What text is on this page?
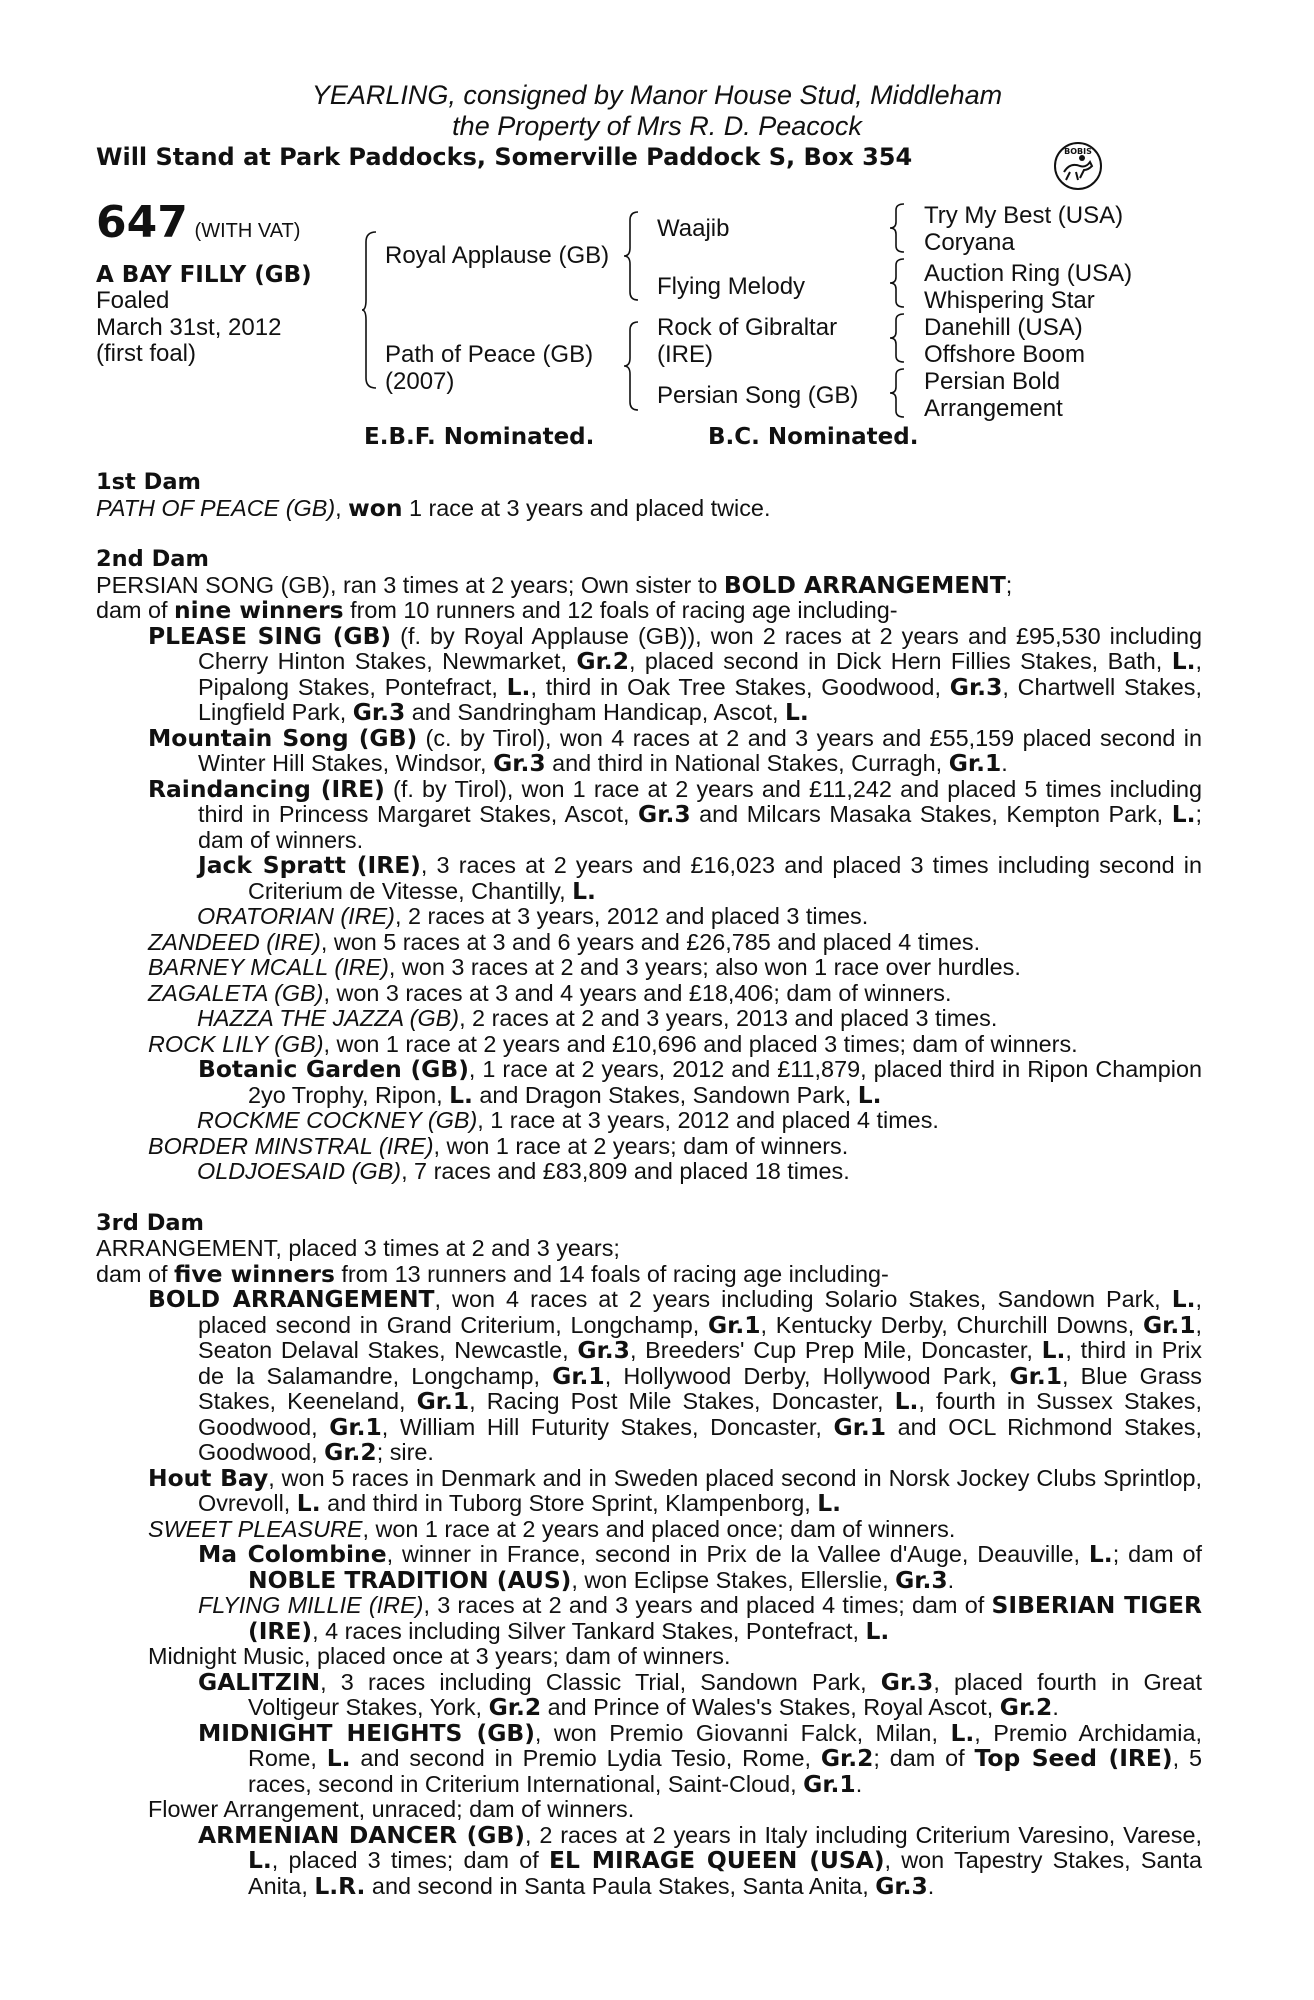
YEARLING, consigned by Manor House Stud, Middleham
the Property of Mrs R. D. Peacock
Will Stand at Park Paddocks, Somerville Paddock S, Box 354	BOBIS
647 (WITH VAT)
A BAY FILLY (GB)
Foaled
March 31st, 2012
(first foal)
Royal Applause (GB)
Path of Peace (GB)
(2007)
Waajib
Flying Melody
Rock of Gibraltar
(IRE)
Persian Song (GB)
Try My Best (USA)
Coryana
Auction Ring (USA)
Whispering Star
Danehill (USA)
Offshore Boom
Persian Bold
Arrangement
E.B.F. Nominated.	B.C. Nominated.
1st Dam
PATH OF PEACE (GB), won 1 race at 3 years and placed twice.
2nd Dam
PERSIAN SONG (GB), ran 3 times at 2 years; Own sister to BOLD ARRANGEMENT;
dam of nine winners from 10 runners and 12 foals of racing age including-
PLEASE SING (GB) (f. by Royal Applause (GB)), won 2 races at 2 years and £95,530 including Cherry Hinton Stakes, Newmarket, Gr.2, placed second in Dick Hern Fillies Stakes, Bath, L., Pipalong Stakes, Pontefract, L., third in Oak Tree Stakes, Goodwood, Gr.3, Chartwell Stakes, Lingfield Park, Gr.3 and Sandringham Handicap, Ascot, L.
Mountain Song (GB) (c. by Tirol), won 4 races at 2 and 3 years and £55,159 placed second in Winter Hill Stakes, Windsor, Gr.3 and third in National Stakes, Curragh, Gr.1.
Raindancing (IRE) (f. by Tirol), won 1 race at 2 years and £11,242 and placed 5 times including third in Princess Margaret Stakes, Ascot, Gr.3 and Milcars Masaka Stakes, Kempton Park, L.; dam of winners.
Jack Spratt (IRE), 3 races at 2 years and £16,023 and placed 3 times including second in Criterium de Vitesse, Chantilly, L.
ORATORIAN (IRE), 2 races at 3 years, 2012 and placed 3 times.
ZANDEED (IRE), won 5 races at 3 and 6 years and £26,785 and placed 4 times.
BARNEY MCALL (IRE), won 3 races at 2 and 3 years; also won 1 race over hurdles.
ZAGALETA (GB), won 3 races at 3 and 4 years and £18,406; dam of winners.
HAZZA THE JAZZA (GB), 2 races at 2 and 3 years, 2013 and placed 3 times.
ROCK LILY (GB), won 1 race at 2 years and £10,696 and placed 3 times; dam of winners.
Botanic Garden (GB), 1 race at 2 years, 2012 and £11,879, placed third in Ripon Champion 2yo Trophy, Ripon, L. and Dragon Stakes, Sandown Park, L.
ROCKME COCKNEY (GB), 1 race at 3 years, 2012 and placed 4 times.
BORDER MINSTRAL (IRE), won 1 race at 2 years; dam of winners.
OLDJOESAID (GB), 7 races and £83,809 and placed 18 times.
3rd Dam
ARRANGEMENT, placed 3 times at 2 and 3 years;
dam of five winners from 13 runners and 14 foals of racing age including-
BOLD ARRANGEMENT, won 4 races at 2 years including Solario Stakes, Sandown Park, L., placed second in Grand Criterium, Longchamp, Gr.1, Kentucky Derby, Churchill Downs, Gr.1, Seaton Delaval Stakes, Newcastle, Gr.3, Breeders' Cup Prep Mile, Doncaster, L., third in Prix de la Salamandre, Longchamp, Gr.1, Hollywood Derby, Hollywood Park, Gr.1, Blue Grass Stakes, Keeneland, Gr.1, Racing Post Mile Stakes, Doncaster, L., fourth in Sussex Stakes, Goodwood, Gr.1, William Hill Futurity Stakes, Doncaster, Gr.1 and OCL Richmond Stakes, Goodwood, Gr.2; sire.
Hout Bay, won 5 races in Denmark and in Sweden placed second in Norsk Jockey Clubs Sprintlop, Ovrevoll, L. and third in Tuborg Store Sprint, Klampenborg, L.
SWEET PLEASURE, won 1 race at 2 years and placed once; dam of winners.
Ma Colombine, winner in France, second in Prix de la Vallee d'Auge, Deauville, L.; dam of NOBLE TRADITION (AUS), won Eclipse Stakes, Ellerslie, Gr.3.
FLYING MILLIE (IRE), 3 races at 2 and 3 years and placed 4 times; dam of SIBERIAN TIGER (IRE), 4 races including Silver Tankard Stakes, Pontefract, L.
Midnight Music, placed once at 3 years; dam of winners.
GALITZIN, 3 races including Classic Trial, Sandown Park, Gr.3, placed fourth in Great Voltigeur Stakes, York, Gr.2 and Prince of Wales's Stakes, Royal Ascot, Gr.2.
MIDNIGHT HEIGHTS (GB), won Premio Giovanni Falck, Milan, L., Premio Archidamia, Rome, L. and second in Premio Lydia Tesio, Rome, Gr.2; dam of Top Seed (IRE), 5 races, second in Criterium International, Saint-Cloud, Gr.1.
Flower Arrangement, unraced; dam of winners.
ARMENIAN DANCER (GB), 2 races at 2 years in Italy including Criterium Varesino, Varese, L., placed 3 times; dam of EL MIRAGE QUEEN (USA), won Tapestry Stakes, Santa Anita, L.R. and second in Santa Paula Stakes, Santa Anita, Gr.3.
